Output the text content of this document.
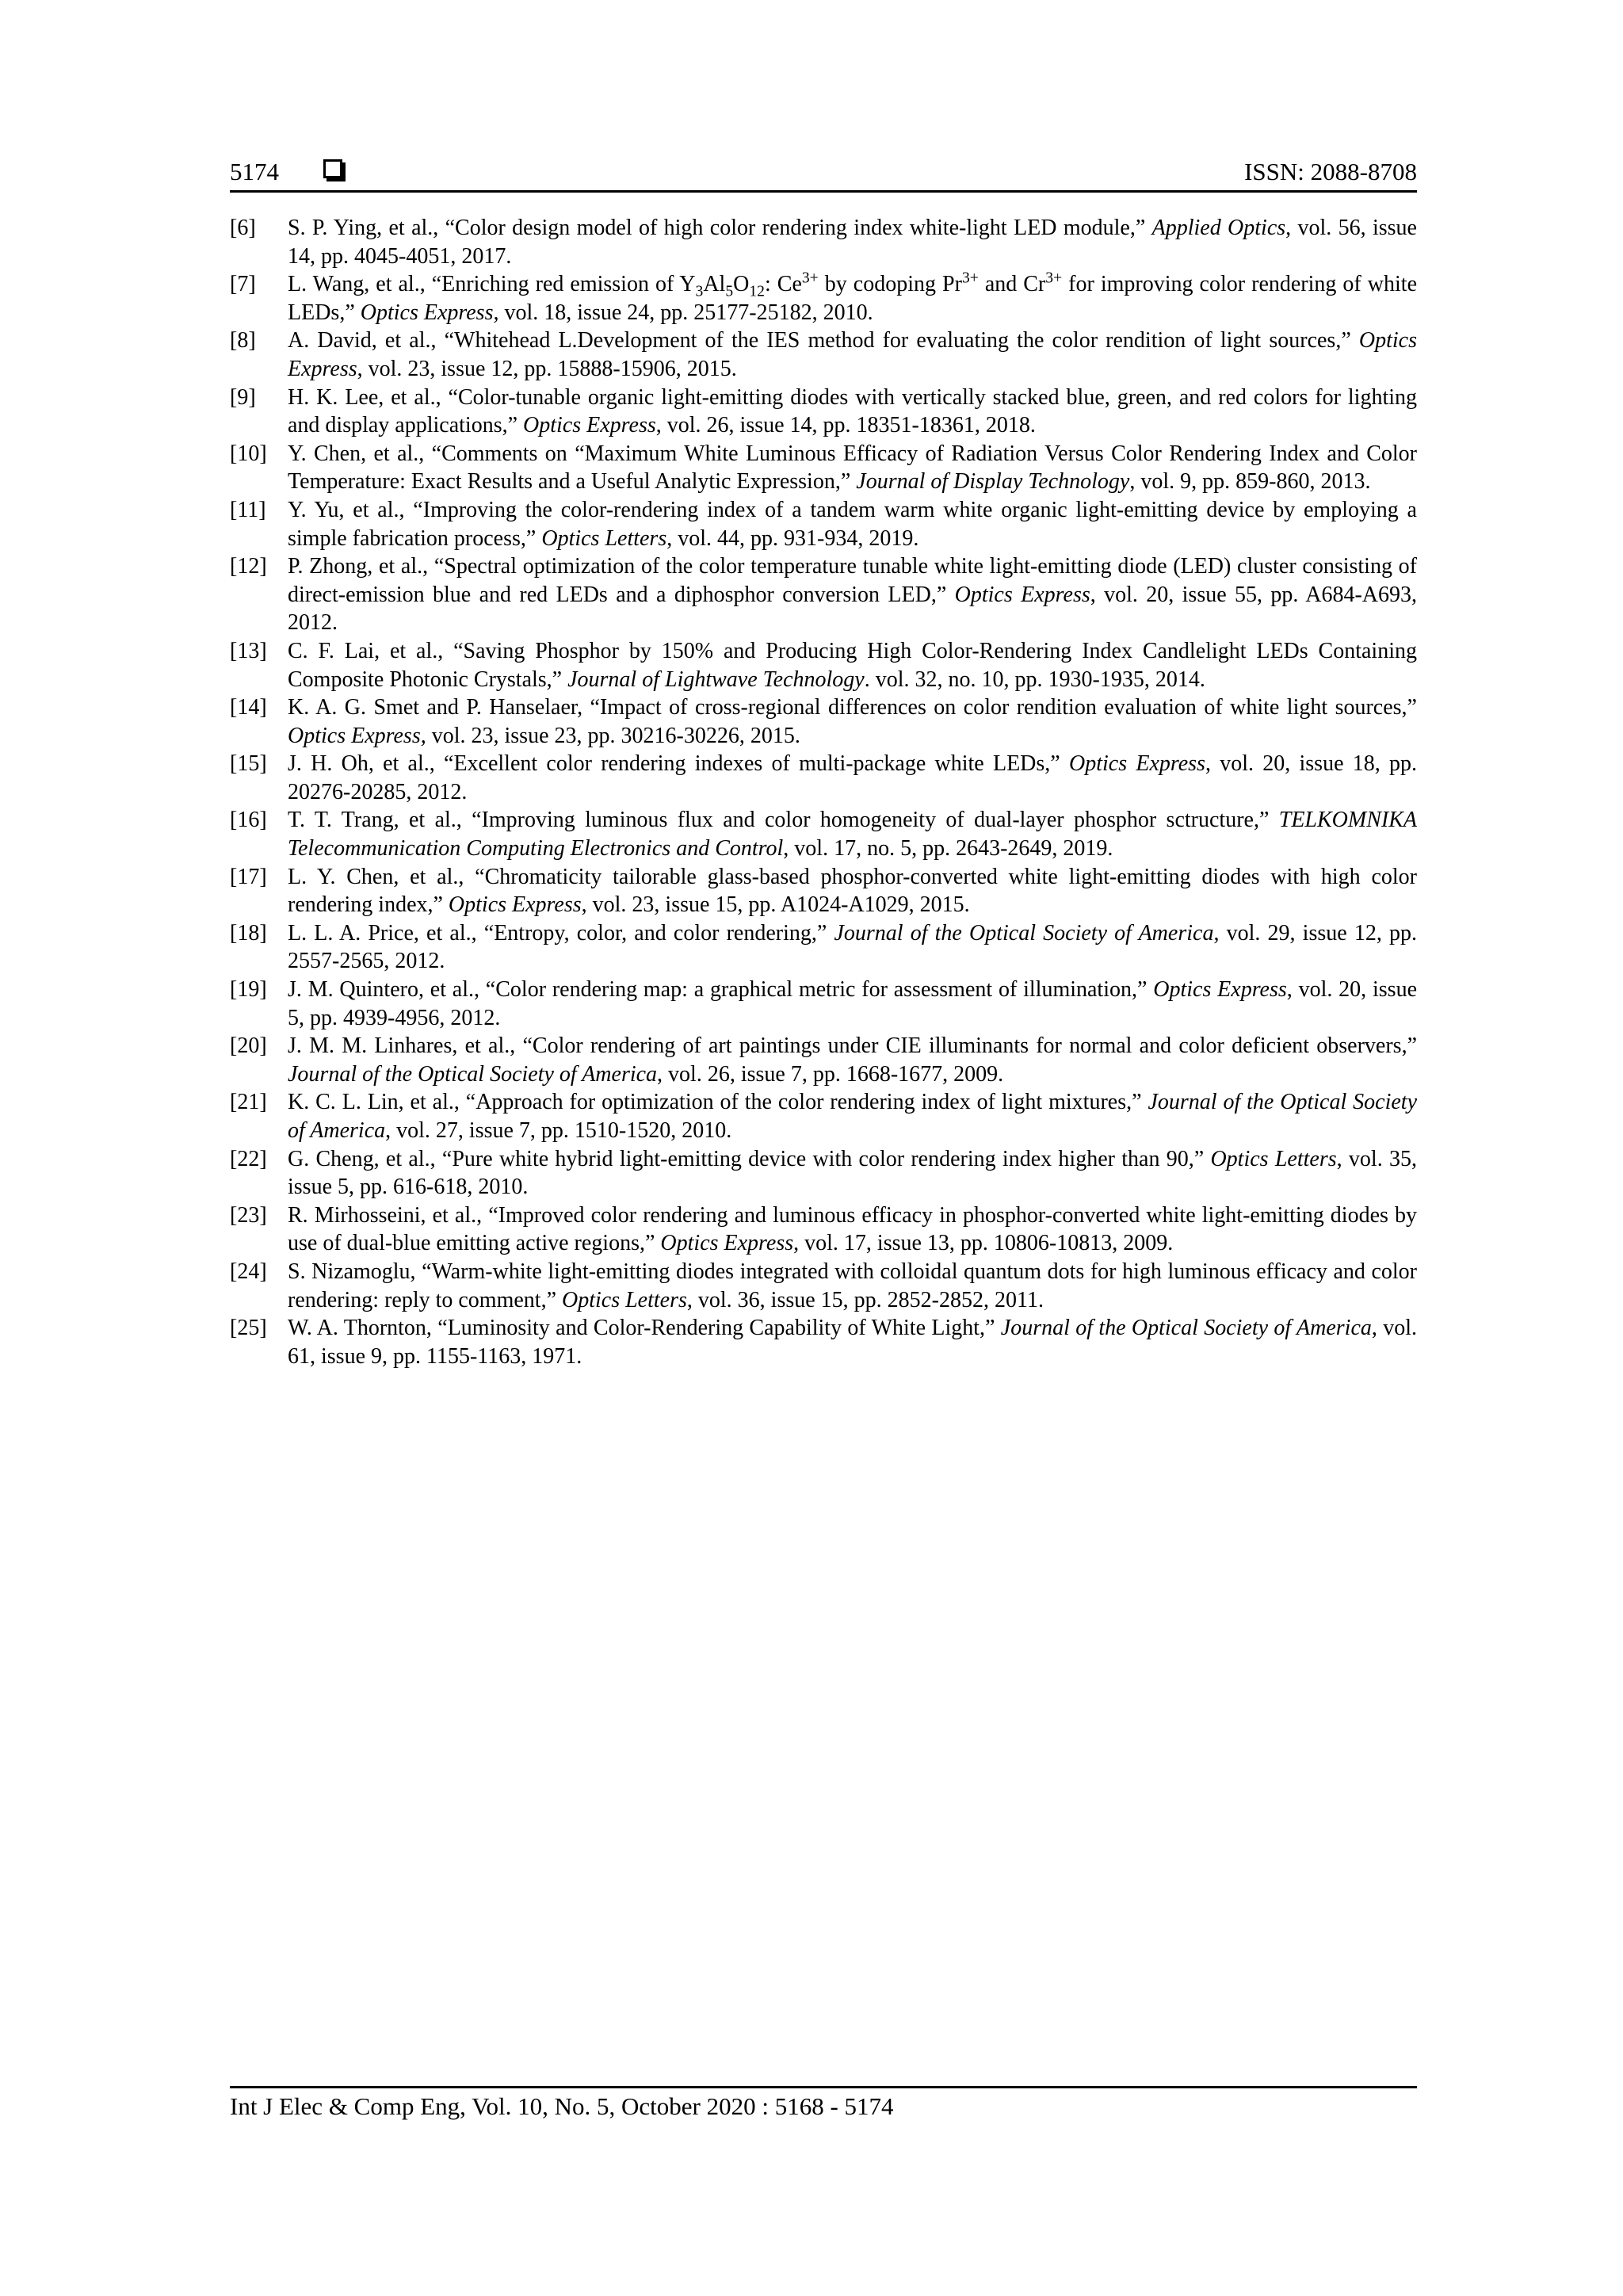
5174	ISSN: 2088-8708
[6] S. P. Ying, et al., “Color design model of high color rendering index white-light LED module,” Applied Optics, vol. 56, issue 14, pp. 4045-4051, 2017.
[7] L. Wang, et al., “Enriching red emission of $Y_3Al_5O_{12}$: $Ce^{3+}$ by codoping $Pr^{3+}$ and $Cr^{3+}$ for improving color rendering of white LEDs,” Optics Express, vol. 18, issue 24, pp. 25177-25182, 2010.
[8] A. David, et al., “Whitehead L.Development of the IES method for evaluating the color rendition of light sources,” Optics Express, vol. 23, issue 12, pp. 15888-15906, 2015.
[9] H. K. Lee, et al., “Color-tunable organic light-emitting diodes with vertically stacked blue, green, and red colors for lighting and display applications,” Optics Express, vol. 26, issue 14, pp. 18351-18361, 2018.
[10] Y. Chen, et al., “Comments on “Maximum White Luminous Efficacy of Radiation Versus Color Rendering Index and Color Temperature: Exact Results and a Useful Analytic Expression,” Journal of Display Technology, vol. 9, pp. 859-860, 2013.
[11] Y. Yu, et al., “Improving the color-rendering index of a tandem warm white organic light-emitting device by employing a simple fabrication process,” Optics Letters, vol. 44, pp. 931-934, 2019.
[12] P. Zhong, et al., “Spectral optimization of the color temperature tunable white light-emitting diode (LED) cluster consisting of direct-emission blue and red LEDs and a diphosphor conversion LED,” Optics Express, vol. 20, issue 55, pp. A684-A693, 2012.
[13] C. F. Lai, et al., “Saving Phosphor by 150% and Producing High Color-Rendering Index Candlelight LEDs Containing Composite Photonic Crystals,” Journal of Lightwave Technology. vol. 32, no. 10, pp. 1930-1935, 2014.
[14] K. A. G. Smet and P. Hanselaer, “Impact of cross-regional differences on color rendition evaluation of white light sources,” Optics Express, vol. 23, issue 23, pp. 30216-30226, 2015.
[15] J. H. Oh, et al., “Excellent color rendering indexes of multi-package white LEDs,” Optics Express, vol. 20, issue 18, pp. 20276-20285, 2012.
[16] T. T. Trang, et al., “Improving luminous flux and color homogeneity of dual-layer phosphor sctructure,” TELKOMNIKA Telecommunication Computing Electronics and Control, vol. 17, no. 5, pp. 2643-2649, 2019.
[17] L. Y. Chen, et al., “Chromaticity tailorable glass-based phosphor-converted white light-emitting diodes with high color rendering index,” Optics Express, vol. 23, issue 15, pp. A1024-A1029, 2015.
[18] L. L. A. Price, et al., “Entropy, color, and color rendering,” Journal of the Optical Society of America, vol. 29, issue 12, pp. 2557-2565, 2012.
[19] J. M. Quintero, et al., “Color rendering map: a graphical metric for assessment of illumination,” Optics Express, vol. 20, issue 5, pp. 4939-4956, 2012.
[20] J. M. M. Linhares, et al., “Color rendering of art paintings under CIE illuminants for normal and color deficient observers,” Journal of the Optical Society of America, vol. 26, issue 7, pp. 1668-1677, 2009.
[21] K. C. L. Lin, et al., “Approach for optimization of the color rendering index of light mixtures,” Journal of the Optical Society of America, vol. 27, issue 7, pp. 1510-1520, 2010.
[22] G. Cheng, et al., “Pure white hybrid light-emitting device with color rendering index higher than 90,” Optics Letters, vol. 35, issue 5, pp. 616-618, 2010.
[23] R. Mirhosseini, et al., “Improved color rendering and luminous efficacy in phosphor-converted white light-emitting diodes by use of dual-blue emitting active regions,” Optics Express, vol. 17, issue 13, pp. 10806-10813, 2009.
[24] S. Nizamoglu, “Warm-white light-emitting diodes integrated with colloidal quantum dots for high luminous efficacy and color rendering: reply to comment,” Optics Letters, vol. 36, issue 15, pp. 2852-2852, 2011.
[25] W. A. Thornton, “Luminosity and Color-Rendering Capability of White Light,” Journal of the Optical Society of America, vol. 61, issue 9, pp. 1155-1163, 1971.
Int J Elec & Comp Eng, Vol. 10, No. 5, October 2020 : 5168 - 5174
